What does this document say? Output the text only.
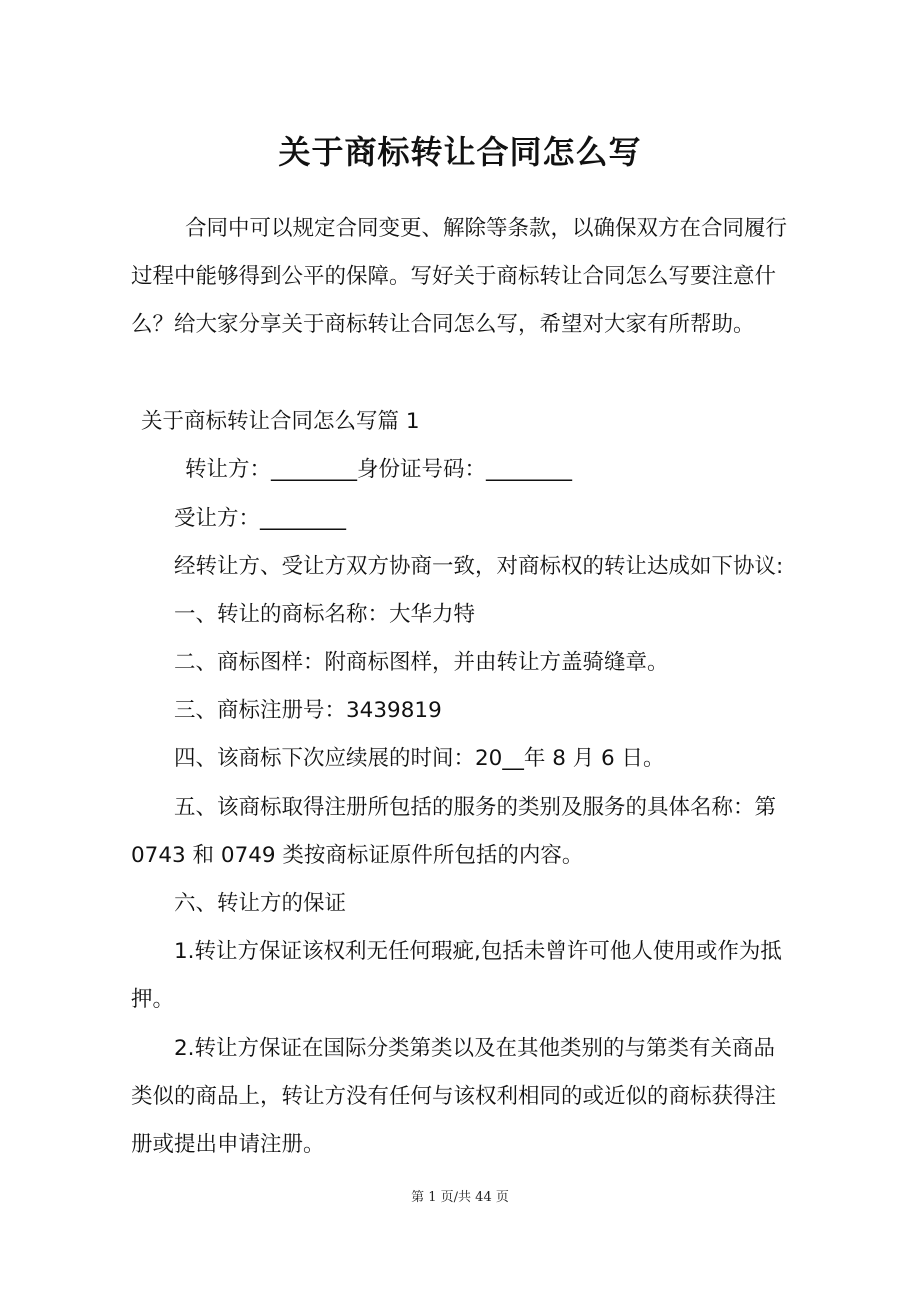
关于商标转让合同怎么写
合同中可以规定合同变更、解除等条款，以确保双方在合同履行
过程中能够得到公平的保障。写好关于商标转让合同怎么写要注意什
么？给大家分享关于商标转让合同怎么写，希望对大家有所帮助。
关于商标转让合同怎么写篇 1
转让方：________身份证号码：________
受让方：________
经转让方、受让方双方协商一致，对商标权的转让达成如下协议:
一、转让的商标名称：大华力特
二、商标图样：附商标图样，并由转让方盖骑缝章。
三、商标注册号：3439819
四、该商标下次应续展的时间：20__年 8 月 6 日。
五、该商标取得注册所包括的服务的类别及服务的具体名称：第
0743 和 0749 类按商标证原件所包括的内容。
六、转让方的保证
1.转让方保证该权利无任何瑕疵,包括未曾许可他人使用或作为抵
押。
2.转让方保证在国际分类第类以及在其他类别的与第类有关商品
类似的商品上，转让方没有任何与该权利相同的或近似的商标获得注
册或提出申请注册。
第 1 页/共 44 页
